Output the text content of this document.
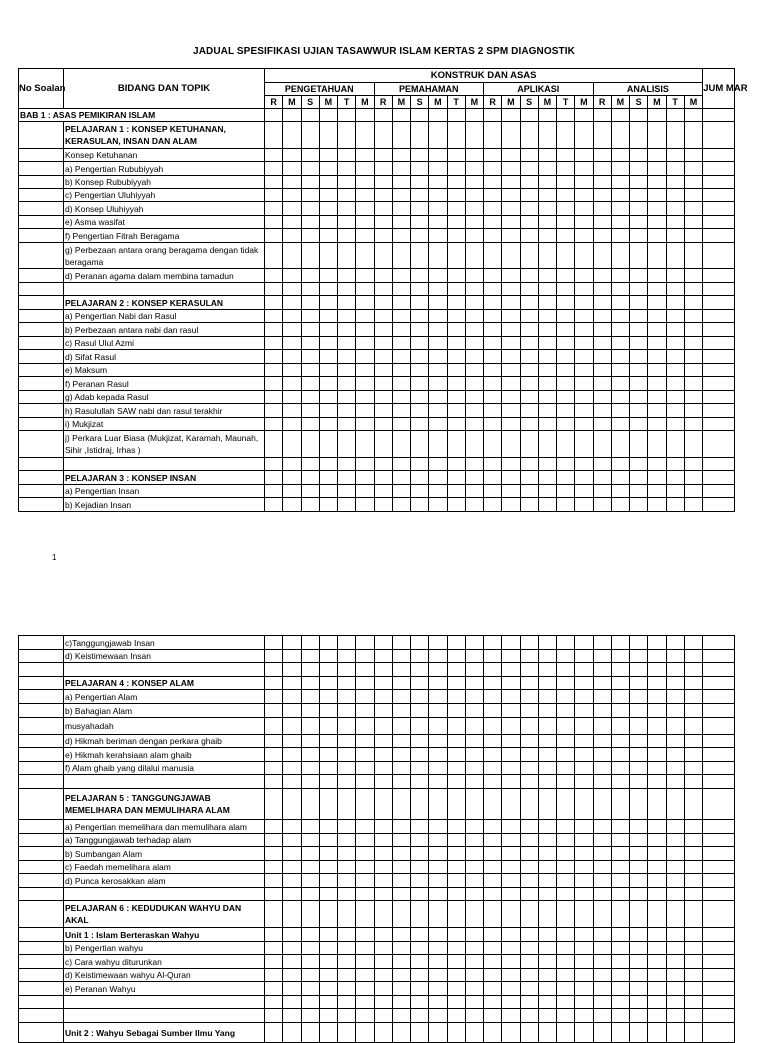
JADUAL SPESIFIKASI UJIAN TASAWWUR ISLAM KERTAS 2 SPM DIAGNOSTIK
No Soalan	BIDANG DAN TOPIK	KONSTRUK DAN ASAS																								JUM MAR
		PENGETAHUAN						PEMAHAMAN						APLIKASI						ANALISIS						
		R	M	S	M	T	M	R	M	S	M	T	M	R	M	S	M	T	M	R	M	S	M	T	M	
BAB 1 : ASAS PEMIKIRAN ISLAM																										
	PELAJARAN 1 : KONSEP KETUHANAN, KERASULAN, INSAN DAN ALAM																									
	Konsep Ketuhanan																									
	a) Pengertian Rububiyyah																									
	b) Konsep Rububiyyah																									
	c) Pengertian Uluhiyyah																									
	d) Konsep Uluhiyyah																									
	e) Asma wasifat																									
	f) Pengertian Fitrah Beragama																									
	g) Perbezaan antara orang beragama dengan tidak beragama																									
	d) Peranan agama dalam membina tamadun																									

	PELAJARAN 2 : KONSEP KERASULAN																									
	a) Pengertian Nabi dan Rasul																									
	b) Perbezaan antara nabi dan rasul																									
	c) Rasul Ulul Azmi																									
	d) Sifat Rasul																									
	e) Maksum																									
	f) Peranan Rasul																									
	g) Adab kepada Rasul																									
	h) Rasulullah SAW nabi dan rasul terakhir																									
	i) Mukjizat																									
	j) Perkara Luar Biasa (Mukjizat, Karamah, Maunah, Sihir ,Istidraj, Irhas )																									

	PELAJARAN 3 : KONSEP INSAN																									
	a) Pengertian Insan																									
	b) Kejadian Insan																									
1
	c)Tanggungjawab Insan																									
	d) Keistimewaan Insan																									

	PELAJARAN 4 : KONSEP ALAM																									
	a) Pengertian Alam																									
	b) Bahagian Alam																									
	musyahadah																									
	d) Hikmah beriman dengan perkara ghaib																									
	e) Hikmah kerahsiaan alam ghaib																									
	f) Alam ghaib yang dilalui manusia																									

	PELAJARAN 5 : TANGGUNGJAWAB MEMELIHARA DAN MEMULIHARA ALAM																									
	a) Pengertian memelihara dan memulihara alam																									
	a) Tanggungjawab terhadap alam																									
	b) Sumbangan Alam																									
	c) Faedah memelihara alam																									
	d) Punca kerosakkan alam																									

	PELAJARAN 6 : KEDUDUKAN WAHYU DAN AKAL																									
	Unit 1 : Islam Berteraskan Wahyu																									
	b) Pengertian wahyu																									
	c) Cara wahyu diturunkan																									
	d) Keistimewaan wahyu Al-Quran																									
	e) Peranan Wahyu																									

	Unit 2 : Wahyu Sebagai Sumber Ilmu Yang																									
